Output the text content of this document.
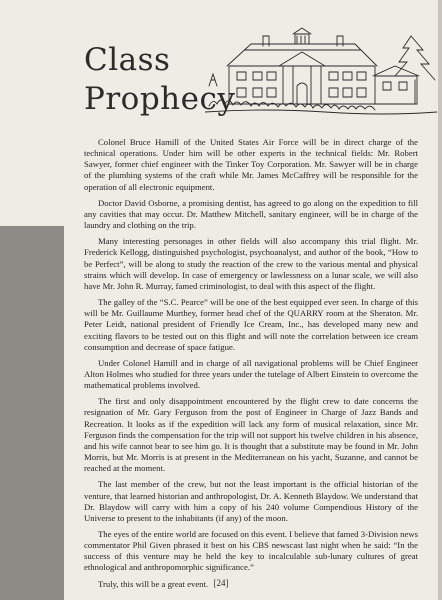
Class
Prophecy

Colonel Bruce Hamill of the United States Air Force will be in direct charge of the technical operations. Under him will be other experts in the technical fields: Mr. Robert Sawyer, former chief engineer with the Tinker Toy Corporation. Mr. Sawyer will be in charge of the plumbing systems of the craft while Mr. James McCaffrey will be responsible for the operation of all electronic equipment.

Doctor David Osborne, a promising dentist, has agreed to go along on the expedition to fill any cavities that may occur. Dr. Matthew Mitchell, sanitary engineer, will be in charge of the laundry and clothing on the trip.

Many interesting personages in other fields will also accompany this trial flight. Mr. Frederick Kellogg, distinguished psychologist, psychoanalyst, and author of the book, “How to be Perfect”, will be along to study the reaction of the crew to the various mental and physical strains which will develop. In case of emergency or lawlessness on a lunar scale, we will also have Mr. John R. Murray, famed criminologist, to deal with this aspect of the flight.

The galley of the “S.C. Pearce” will be one of the best equipped ever seen. In charge of this will be Mr. Guillaume Murthey, former head chef of the QUARRY room at the Sheraton. Mr. Peter Leidt, national president of Friendly Ice Cream, Inc., has developed many new and exciting flavors to be tested out on this flight and will note the correlation between ice cream consumption and decrease of space fatigue.

Under Colonel Hamill and in charge of all navigational problems will be Chief Engineer Alton Holmes who studied for three years under the tutelage of Albert Einstein to overcome the mathematical problems involved.

The first and only disappointment encountered by the flight crew to date concerns the resignation of Mr. Gary Ferguson from the post of Engineer in Charge of Jazz Bands and Recreation. It looks as if the expedition will lack any form of musical relaxation, since Mr. Ferguson finds the compensation for the trip will not support his twelve children in his absence, and his wife cannot bear to see him go. It is thought that a substitute may be found in Mr. John Morris, but Mr. Morris is at present in the Mediterranean on his yacht, Suzanne, and cannot be reached at the moment.

The last member of the crew, but not the least important is the official historian of the venture, that learned historian and anthropologist, Dr. A. Kenneth Blaydow. We understand that Dr. Blaydow will carry with him a copy of his 240 volume Compendious History of the Universe to present to the inhabitants (if any) of the moon.

The eyes of the entire world are focused on this event. I believe that famed 3-Division news commentator Phil Given phrased it best on his CBS newscast last night when he said: “In the success of this venture may he held the key to incalculable sub-lunary cultures of great ethnological and anthropomorphic significance.”

Truly, this will be a great event. [24]
